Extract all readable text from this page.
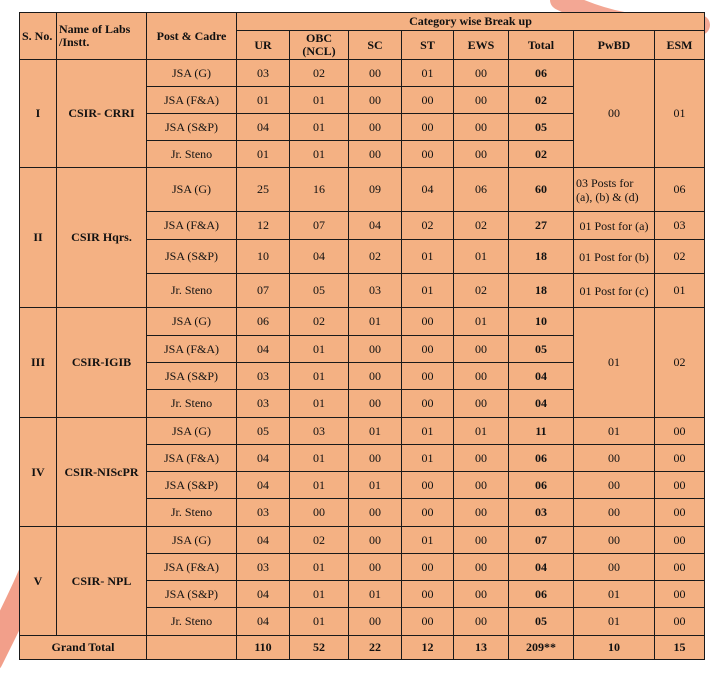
S. No.	Name of Labs /Instt.	Post & Cadre	Category wise Break up							
			UR	OBC (NCL)	SC	ST	EWS	Total	PwBD	ESM
I	CSIR- CRRI	JSA (G)	03	02	00	01	00	06	00	01
		JSA (F&A)	01	01	00	00	00	02		
		JSA (S&P)	04	01	00	00	00	05		
		Jr. Steno	01	01	00	00	00	02		
II	CSIR Hqrs.	JSA (G)	25	16	09	04	06	60	03 Posts for (a), (b) & (d)	06
		JSA (F&A)	12	07	04	02	02	27	01 Post for (a)	03
		JSA (S&P)	10	04	02	01	01	18	01 Post for (b)	02
		Jr. Steno	07	05	03	01	02	18	01 Post for (c)	01
III	CSIR-IGIB	JSA (G)	06	02	01	00	01	10	01	02
		JSA (F&A)	04	01	00	00	00	05		
		JSA (S&P)	03	01	00	00	00	04		
		Jr. Steno	03	01	00	00	00	04		
IV	CSIR-NIScPR	JSA (G)	05	03	01	01	01	11	01	00
		JSA (F&A)	04	01	00	01	00	06	00	00
		JSA (S&P)	04	01	01	00	00	06	00	00
		Jr. Steno	03	00	00	00	00	03	00	00
V	CSIR- NPL	JSA (G)	04	02	00	01	00	07	00	00
		JSA (F&A)	03	01	00	00	00	04	00	00
		JSA (S&P)	04	01	01	00	00	06	01	00
		Jr. Steno	04	01	00	00	00	05	01	00
Grand Total			110	52	22	12	13	209**	10	15
